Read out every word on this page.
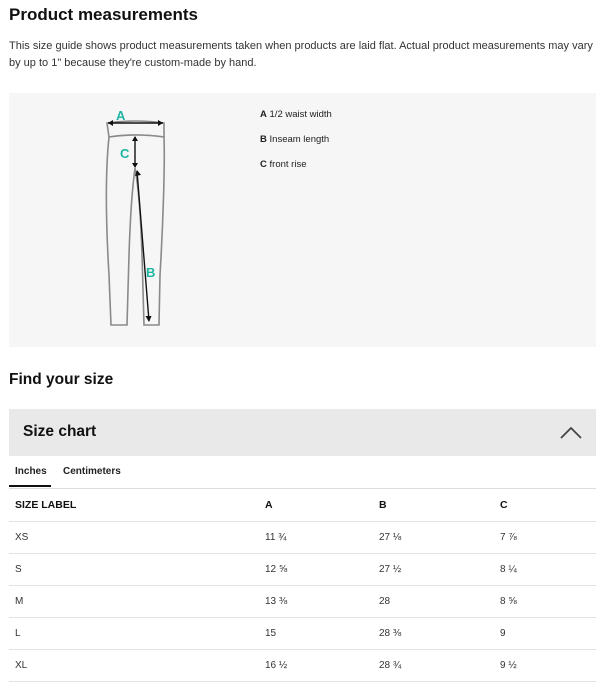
Product measurements

This size guide shows product measurements taken when products are laid flat. Actual product measurements may vary by up to 1" because they're custom-made by hand.

A
C
B
A 1/2 waist width
B Inseam length
C front rise
Find your size
Size chart
Inches Centimeters
SIZE LABEL	A	B	C
XS	11 ¾	27 ⅛	7 ⅞
S	12 ⅝	27 ½	8 ¼
M	13 ⅜	28	8 ⅝
L	15	28 ⅜	9
XL	16 ½	28 ¾	9 ½
